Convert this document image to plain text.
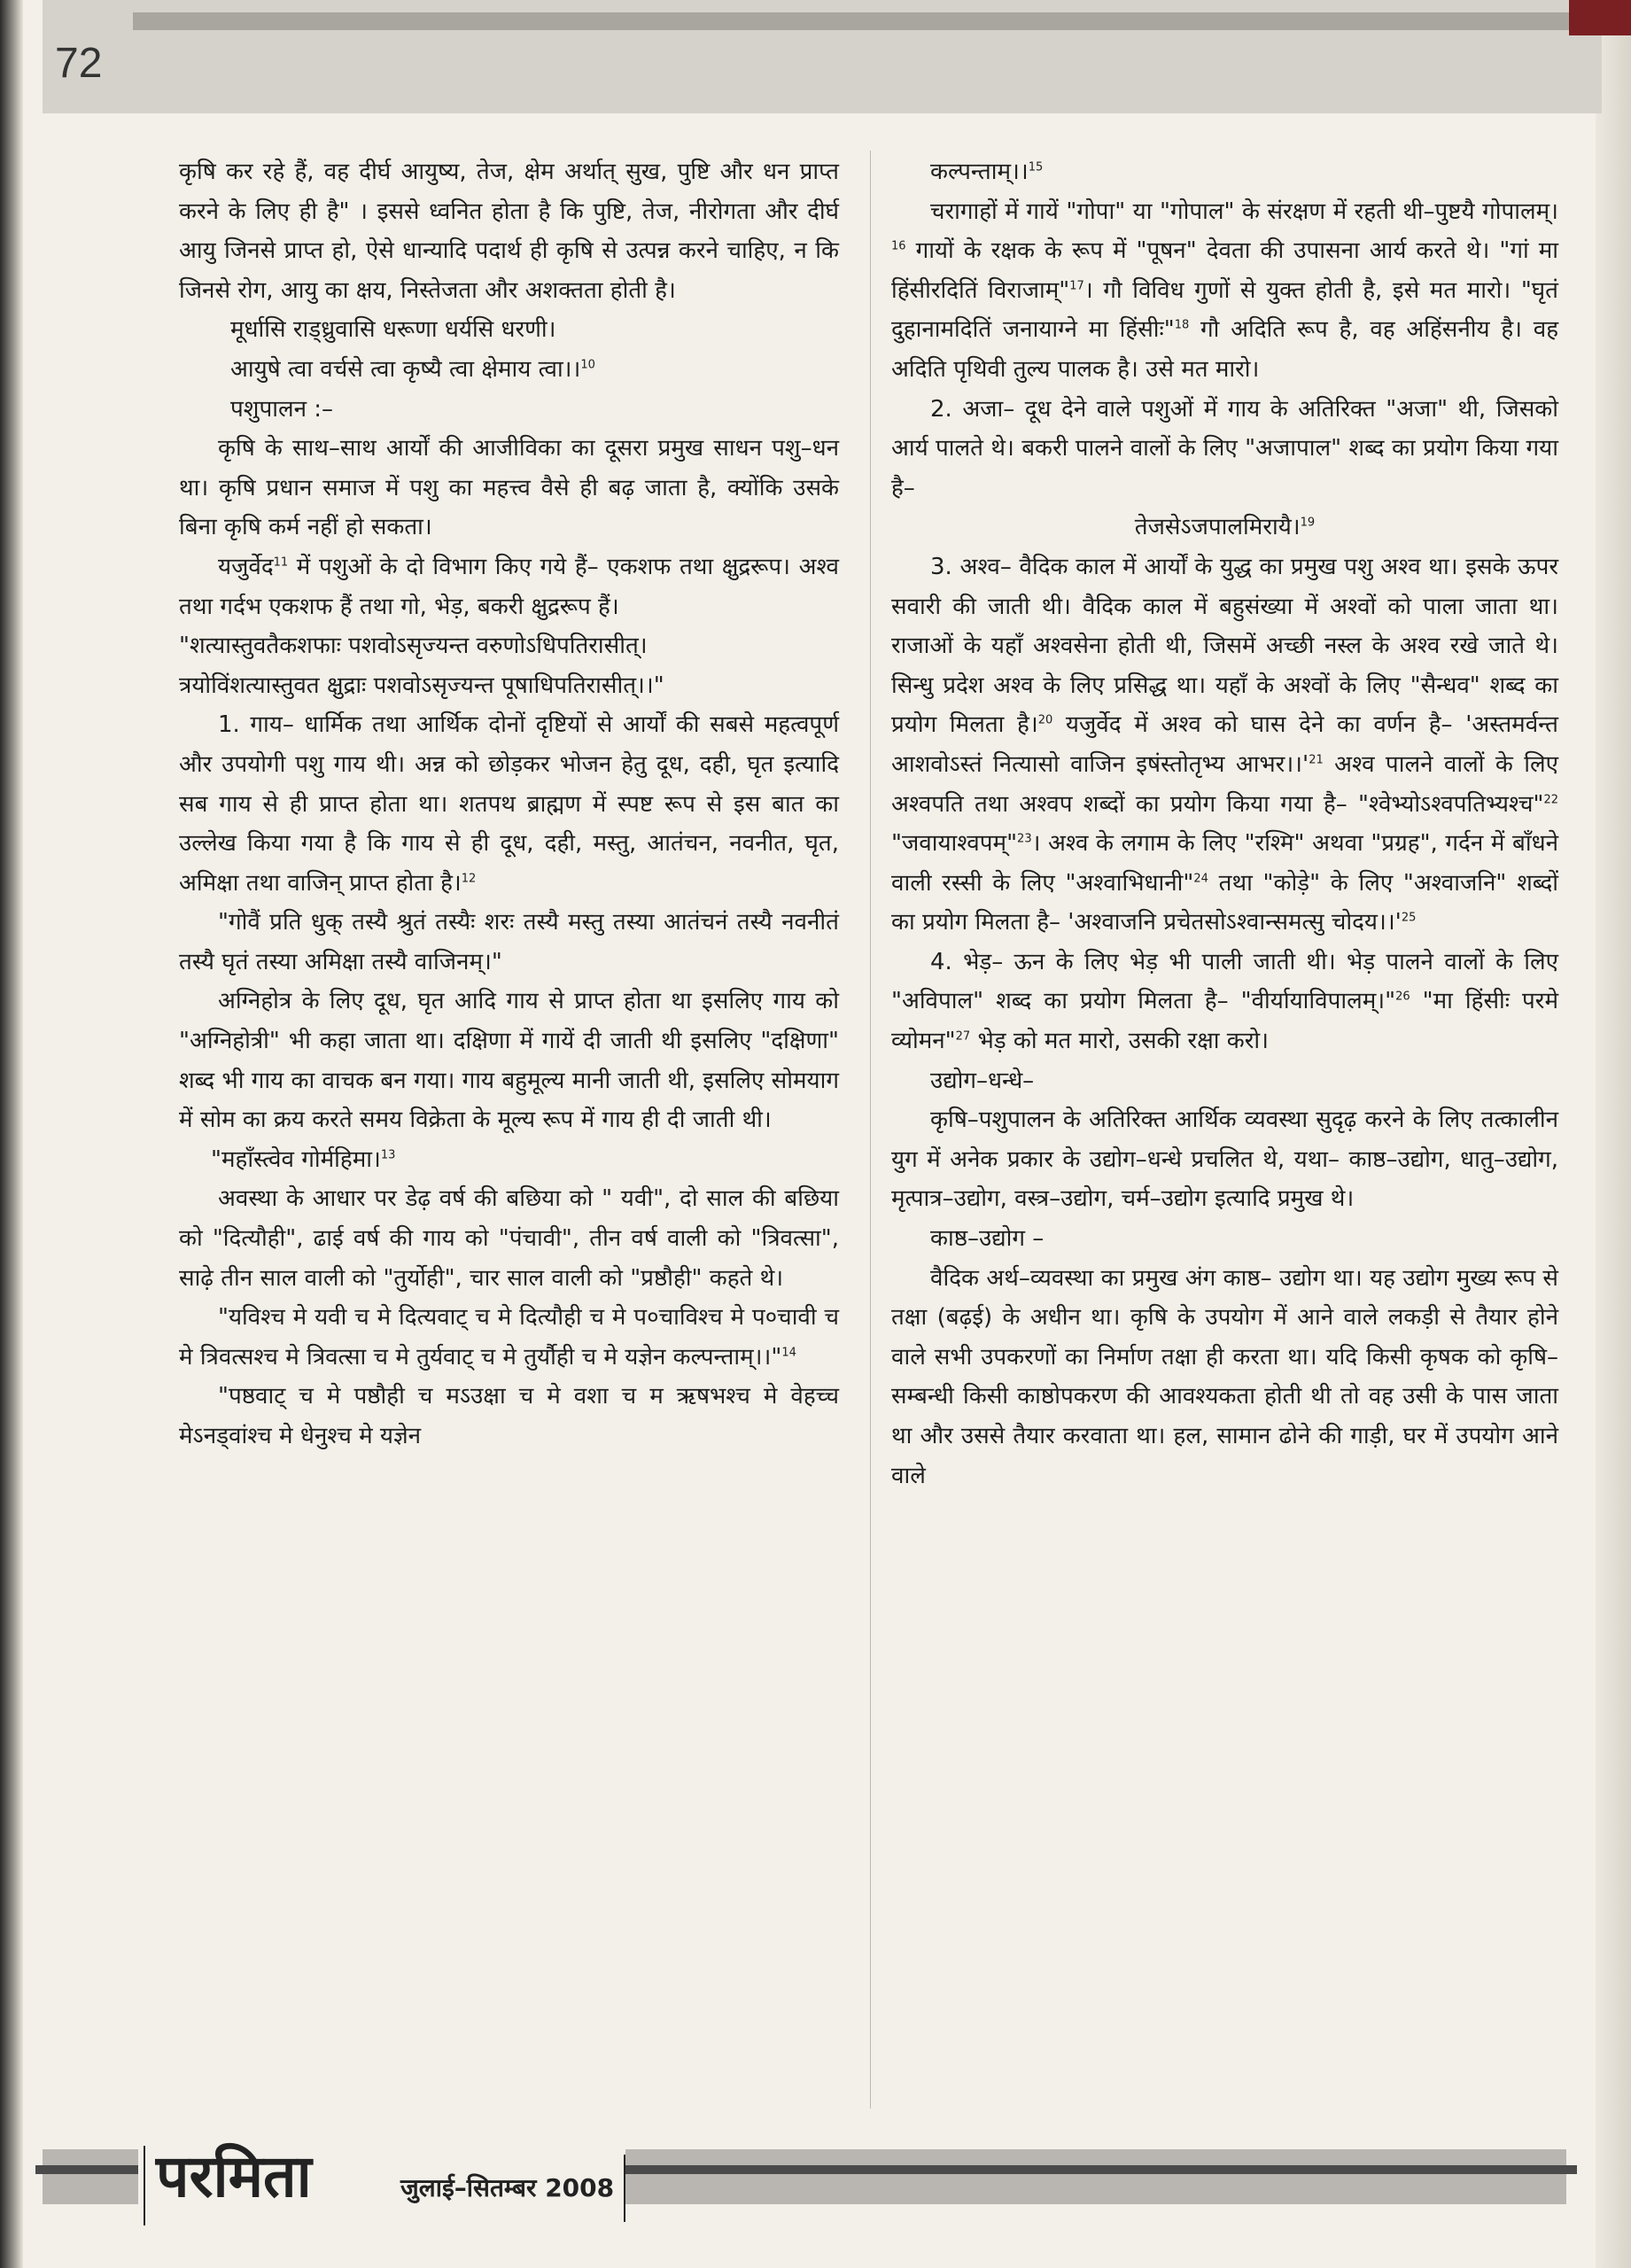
72

कृषि कर रहे हैं, वह दीर्घ आयुष्य, तेज, क्षेम अर्थात् सुख, पुष्टि और धन प्राप्त करने के लिए ही है" । इससे ध्वनित होता है कि पुष्टि, तेज, नीरोगता और दीर्घ आयु जिनसे प्राप्त हो, ऐसे धान्यादि पदार्थ ही कृषि से उत्पन्न करने चाहिए, न कि जिनसे रोग, आयु का क्षय, निस्तेजता और अशक्तता होती है।

मूर्धासि राड्ध्रुवासि धरूणा धर्यसि धरणी।

आयुषे त्वा वर्चसे त्वा कृष्यै त्वा क्षेमाय त्वा।।$^{10}$

पशुपालन :–

कृषि के साथ–साथ आर्यों की आजीविका का दूसरा प्रमुख साधन पशु–धन था। कृषि प्रधान समाज में पशु का महत्त्व वैसे ही बढ़ जाता है, क्योंकि उसके बिना कृषि कर्म नहीं हो सकता।

यजुर्वेद$^{11}$ में पशुओं के दो विभाग किए गये हैं– एकशफ तथा क्षुद्ररूप। अश्व तथा गर्दभ एकशफ हैं तथा गो, भेड़, बकरी क्षुद्ररूप हैं।

"शत्यास्तुवतैकशफाः पशवोऽसृज्यन्त वरुणोऽधिपतिरासीत्।

त्रयोविंशत्यास्तुवत क्षुद्राः पशवोऽसृज्यन्त पूषाधिपतिरासीत्।।"

1. गाय– धार्मिक तथा आर्थिक दोनों दृष्टियों से आर्यों की सबसे महत्वपूर्ण और उपयोगी पशु गाय थी। अन्न को छोड़कर भोजन हेतु दूध, दही, घृत इत्यादि सब गाय से ही प्राप्त होता था। शतपथ ब्राह्मण में स्पष्ट रूप से इस बात का उल्लेख किया गया है कि गाय से ही दूध, दही, मस्तु, आतंचन, नवनीत, घृत, अमिक्षा तथा वाजिन् प्राप्त होता है।$^{12}$

"गोवैं प्रति धुक् तस्यै श्रुतं तस्यैः शरः तस्यै मस्तु तस्या आतंचनं तस्यै नवनीतं तस्यै घृतं तस्या अमिक्षा तस्यै वाजिनम्।"

अग्निहोत्र के लिए दूध, घृत आदि गाय से प्राप्त होता था इसलिए गाय को "अग्निहोत्री" भी कहा जाता था। दक्षिणा में गायें दी जाती थी इसलिए "दक्षिणा" शब्द भी गाय का वाचक बन गया। गाय बहुमूल्य मानी जाती थी, इसलिए सोमयाग में सोम का क्रय करते समय विक्रेता के मूल्य रूप में गाय ही दी जाती थी।

"महाँस्त्वेव गोर्महिमा।$^{13}$

अवस्था के आधार पर डेढ़ वर्ष की बछिया को " यवी", दो साल की बछिया को "दित्यौही", ढाई वर्ष की गाय को "पंचावी", तीन वर्ष वाली को "त्रिवत्सा", साढ़े तीन साल वाली को "तुर्योही", चार साल वाली को "प्रष्ठौही" कहते थे।

"यविश्च मे यवी च मे दित्यवाट् च मे दित्यौही च मे प०चाविश्च मे प०चावी च मे त्रिवत्सश्च मे त्रिवत्सा च मे तुर्यवाट् च मे तुर्यौही च मे यज्ञेन कल्पन्ताम्।।"$^{14}$

"पष्ठवाट् च मे पष्ठौही च मऽउक्षा च मे वशा च म ऋषभश्च मे वेहच्च मेऽनड्वांश्च मे धेनुश्च मे यज्ञेन

कल्पन्ताम्।।$^{15}$

चरागाहों में गायें "गोपा" या "गोपाल" के संरक्षण में रहती थी–पुष्टयै गोपालम्।$^{16}$ गायों के रक्षक के रूप में "पूषन" देवता की उपासना आर्य करते थे। "गां मा हिंसीरदितिं विराजाम्"$^{17}$। गौ विविध गुणों से युक्त होती है, इसे मत मारो। "घृतं दुहानामदितिं जनायाग्ने मा हिंसीः"$^{18}$ गौ अदिति रूप है, वह अहिंसनीय है। वह अदिति पृथिवी तुल्य पालक है। उसे मत मारो।

2. अजा– दूध देने वाले पशुओं में गाय के अतिरिक्त "अजा" थी, जिसको आर्य पालते थे। बकरी पालने वालों के लिए "अजापाल" शब्द का प्रयोग किया गया है–

तेजसेऽजपालमिरायै।$^{19}$

3. अश्व– वैदिक काल में आर्यों के युद्ध का प्रमुख पशु अश्व था। इसके ऊपर सवारी की जाती थी। वैदिक काल में बहुसंख्या में अश्वों को पाला जाता था। राजाओं के यहाँ अश्वसेना होती थी, जिसमें अच्छी नस्ल के अश्व रखे जाते थे। सिन्धु प्रदेश अश्व के लिए प्रसिद्ध था। यहाँ के अश्वों के लिए "सैन्धव" शब्द का प्रयोग मिलता है।$^{20}$ यजुर्वेद में अश्व को घास देने का वर्णन है– 'अस्तमर्वन्त आशवोऽस्तं नित्यासो वाजिन इषंस्तोतृभ्य $आभर।।'^{21}$ अश्व पालने वालों के लिए अश्वपति तथा अश्वप शब्दों का प्रयोग किया गया है– "श्वेभ्योऽश्वपतिभ्यश्च"$^{22}$ "जवायाश्वपम्"$^{23}$। अश्व के लगाम के लिए "रश्मि" अथवा "प्रग्रह", गर्दन में बाँधने वाली रस्सी के लिए "अश्वाभिधानी"$^{24}$ तथा "कोड़े" के लिए "अश्वाजनि" शब्दों का प्रयोग मिलता है– 'अश्वाजनि प्रचेतसोऽश्वान्समत्सु $चोदय।।'^{25}$

4. भेड़– ऊन के लिए भेड़ भी पाली जाती थी। भेड़ पालने वालों के लिए "अविपाल" शब्द का प्रयोग मिलता है– "वीर्यायाविपालम्।"$^{26}$ "मा हिंसीः परमे व्योमन"$^{27}$ भेड़ को मत मारो, उसकी रक्षा करो।

उद्योग–धन्धे–

कृषि–पशुपालन के अतिरिक्त आर्थिक व्यवस्था सुदृढ़ करने के लिए तत्कालीन युग में अनेक प्रकार के उद्योग–धन्धे प्रचलित थे, यथा– काष्ठ–उद्योग, धातु–उद्योग, मृत्पात्र–उद्योग, वस्त्र–उद्योग, चर्म–उद्योग इत्यादि प्रमुख थे।

काष्ठ–उद्योग –

वैदिक अर्थ–व्यवस्था का प्रमुख अंग काष्ठ– उद्योग था। यह उद्योग मुख्य रूप से तक्षा (बढ़ई) के अधीन था। कृषि के उपयोग में आने वाले लकड़ी से तैयार होने वाले सभी उपकरणों का निर्माण तक्षा ही करता था। यदि किसी कृषक को कृषि–सम्बन्धी किसी काष्ठोपकरण की आवश्यकता होती थी तो वह उसी के पास जाता था और उससे तैयार करवाता था। हल, सामान ढोने की गाड़ी, घर में उपयोग आने वाले

परमिता	जुलाई–सितम्बर 2008
